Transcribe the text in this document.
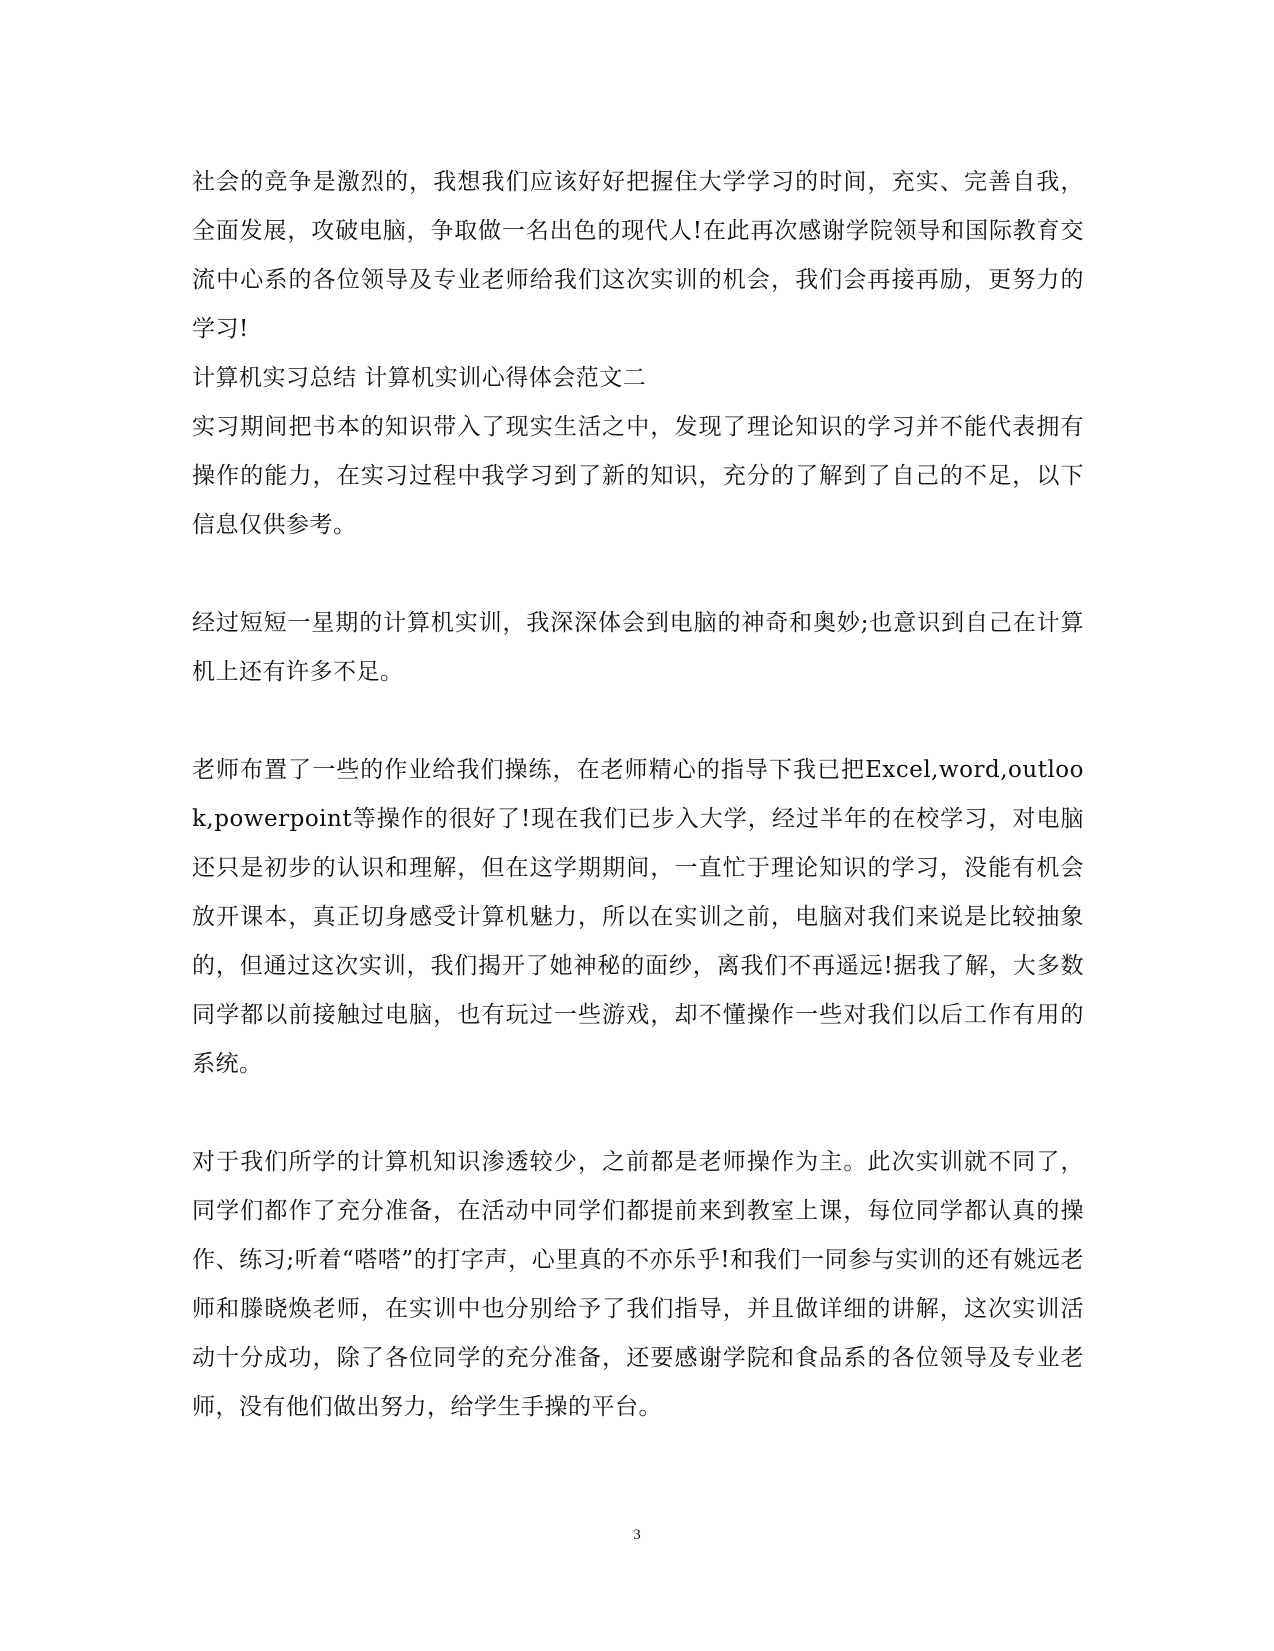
社会的竞争是激烈的，我想我们应该好好把握住大学学习的时间，充实、完善自我，全面发展，攻破电脑，争取做一名出色的现代人!在此再次感谢学院领导和国际教育交流中心系的各位领导及专业老师给我们这次实训的机会，我们会再接再励，更努力的学习!

计算机实习总结 计算机实训心得体会范文二

实习期间把书本的知识带入了现实生活之中，发现了理论知识的学习并不能代表拥有操作的能力，在实习过程中我学习到了新的知识，充分的了解到了自己的不足，以下信息仅供参考。

经过短短一星期的计算机实训，我深深体会到电脑的神奇和奥妙;也意识到自己在计算机上还有许多不足。

老师布置了一些的作业给我们操练，在老师精心的指导下我已把Excel,word,outlook,powerpoint等操作的很好了!现在我们已步入大学，经过半年的在校学习，对电脑还只是初步的认识和理解，但在这学期期间，一直忙于理论知识的学习，没能有机会放开课本，真正切身感受计算机魅力，所以在实训之前，电脑对我们来说是比较抽象的，但通过这次实训，我们揭开了她神秘的面纱，离我们不再遥远!据我了解，大多数同学都以前接触过电脑，也有玩过一些游戏，却不懂操作一些对我们以后工作有用的系统。

对于我们所学的计算机知识渗透较少，之前都是老师操作为主。此次实训就不同了，同学们都作了充分准备，在活动中同学们都提前来到教室上课，每位同学都认真的操作、练习;听着“嗒嗒”的打字声，心里真的不亦乐乎!和我们一同参与实训的还有姚远老师和滕晓焕老师，在实训中也分别给予了我们指导，并且做详细的讲解，这次实训活动十分成功，除了各位同学的充分准备，还要感谢学院和食品系的各位领导及专业老师，没有他们做出努力，给学生手操的平台。

3
